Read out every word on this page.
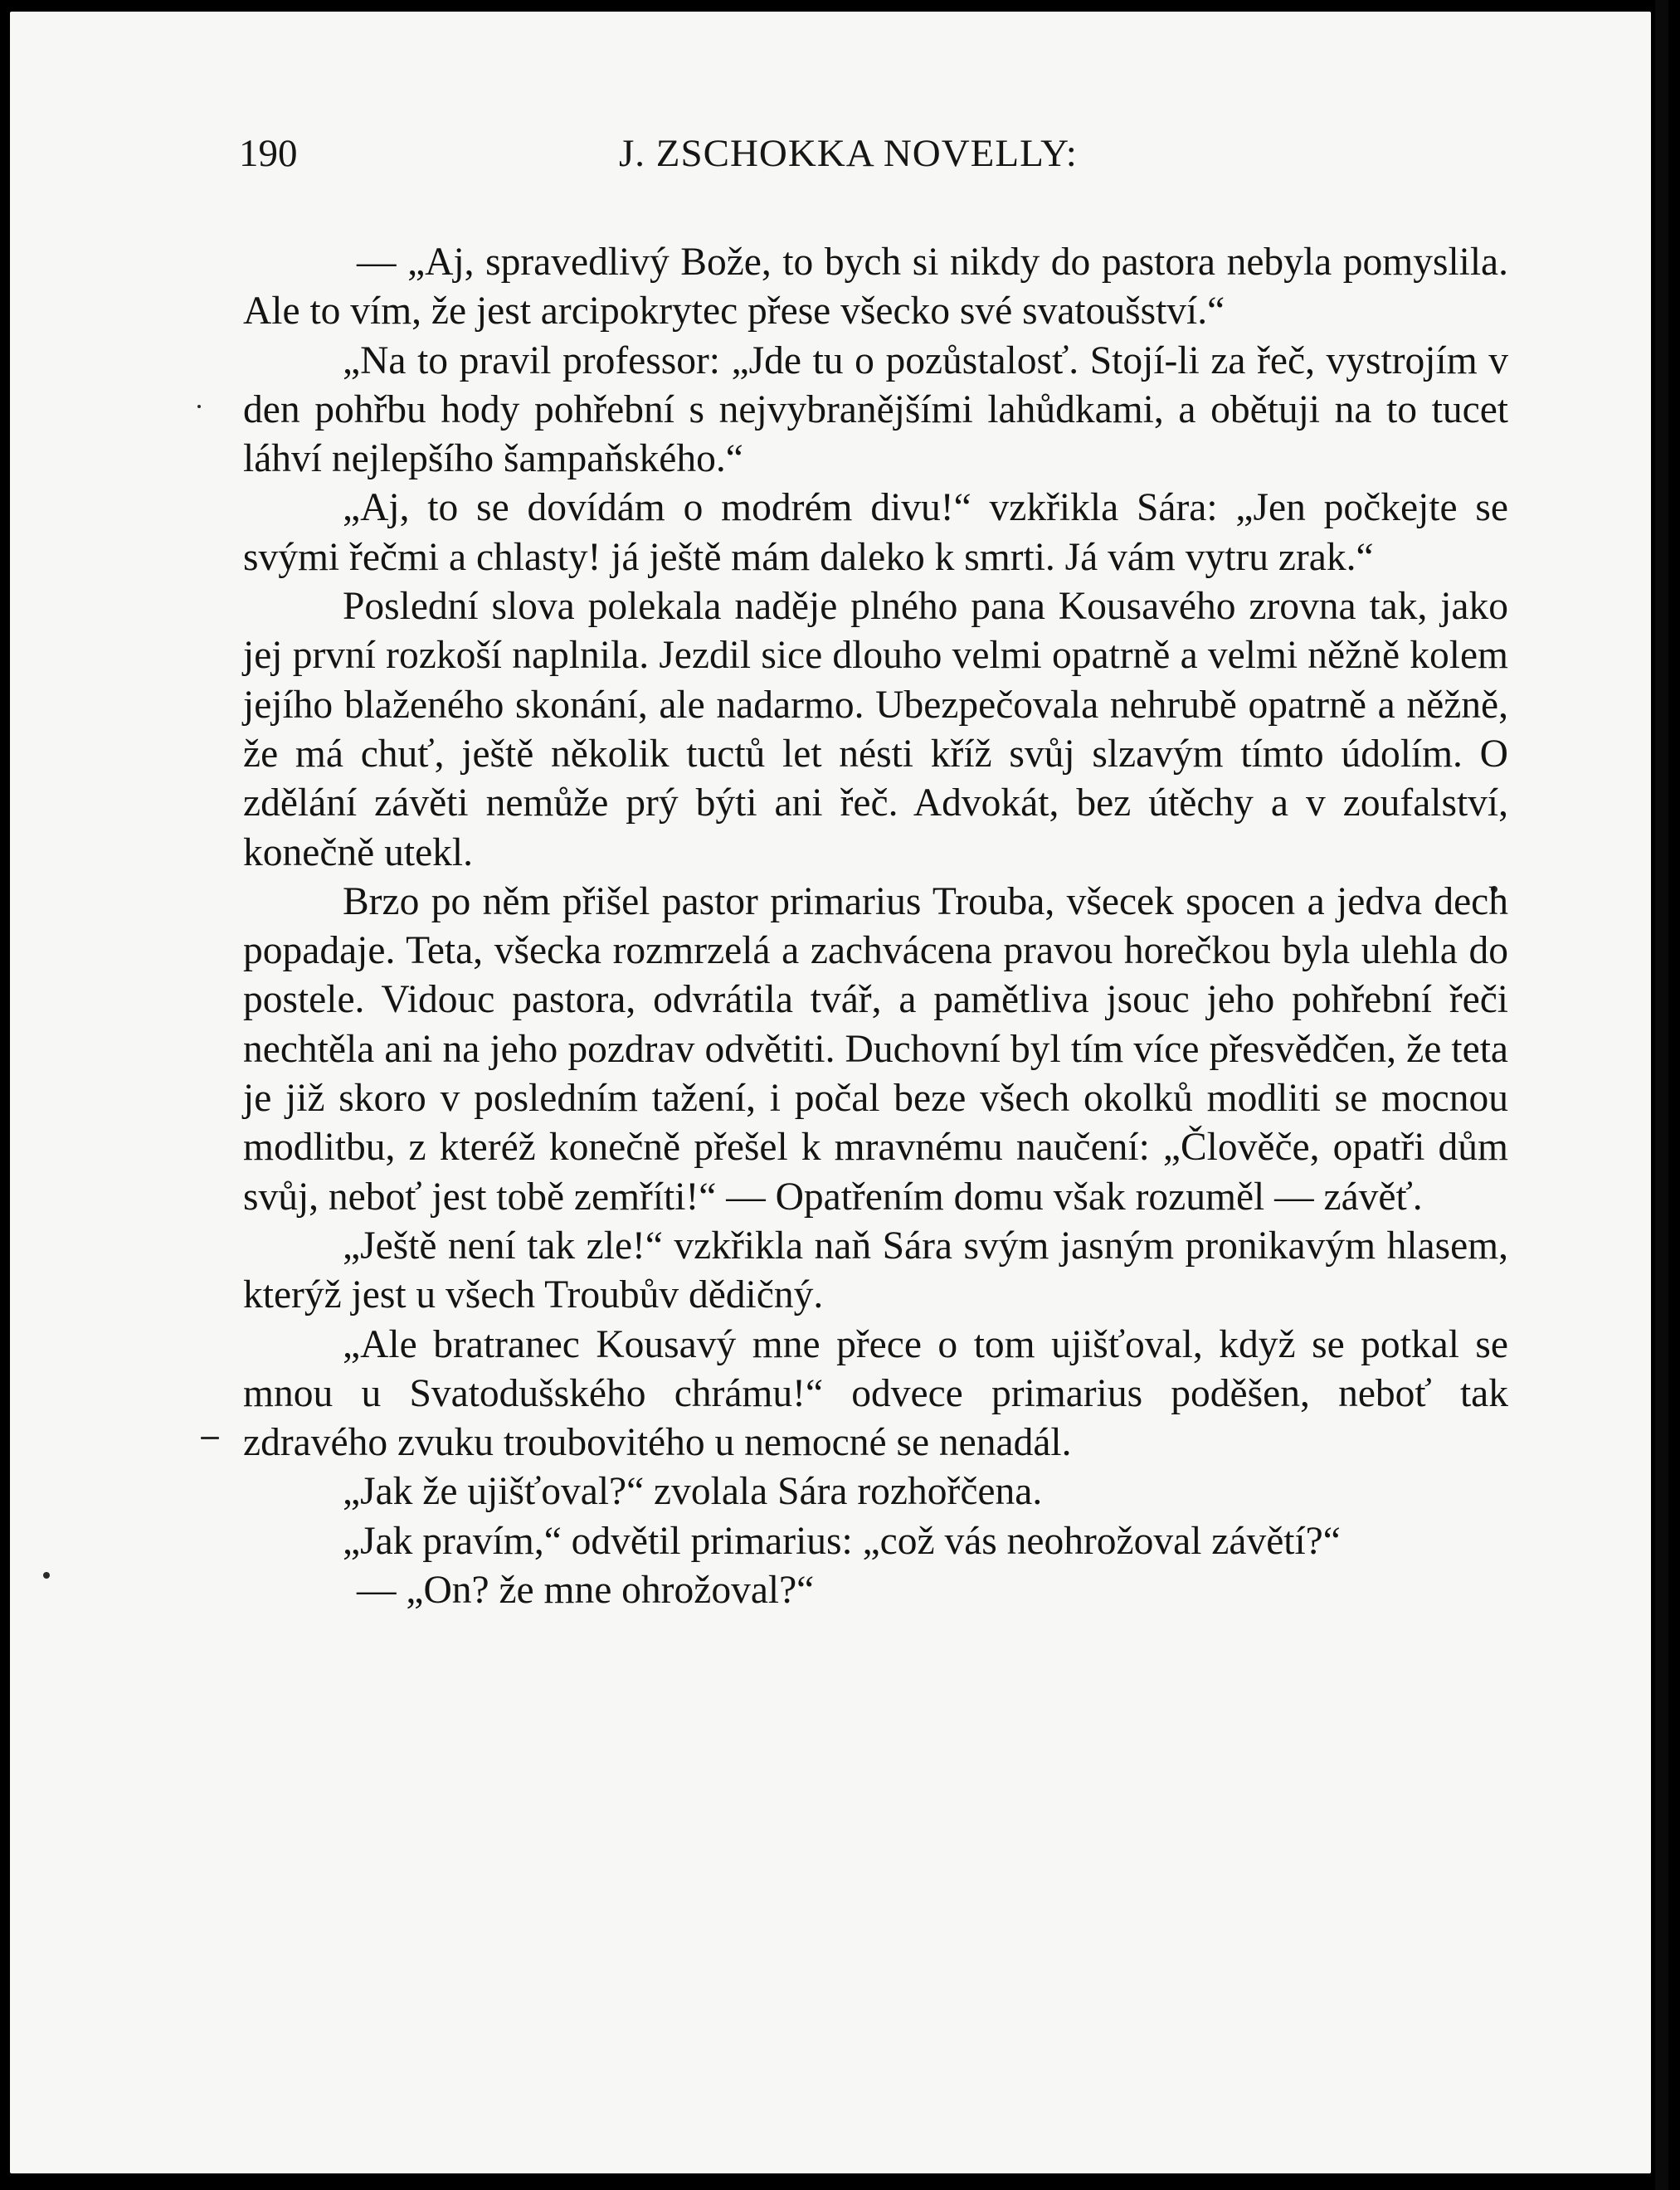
190	J. ZSCHOKKA NOVELLY:

— „Aj, spravedlivý Bože, to bych si nikdy do pastora nebyla pomyslila. Ale to vím, že jest arcipokrytec přese všecko své svatoušství.“

„Na to pravil professor: „Jde tu o pozůstalosť. Stojí-li za řeč, vystrojím v den pohřbu hody pohřební s nejvybranějšími lahůdkami, a obětuji na to tucet láhví nejlepšího šampaňského.“

„Aj, to se dovídám o modrém divu!“ vzkřikla Sára: „Jen počkejte se svými řečmi a chlasty! já ještě mám daleko k smrti. Já vám vytru zrak.“

Poslední slova polekala naděje plného pana Kousavého zrovna tak, jako jej první rozkoší naplnila. Jezdil sice dlouho velmi opatrně a velmi něžně kolem jejího blaženého skonání, ale nadarmo. Ubezpečovala nehrubě opatrně a něžně, že má chuť, ještě několik tuctů let nésti kříž svůj slzavým tímto údolím. O zdělání závěti nemůže prý býti ani řeč. Advokát, bez útěchy a v zoufalství, konečně utekl.

Brzo po něm přišel pastor primarius Trouba, všecek spocen a jedva dech popadaje. Teta, všecka rozmrzelá a zachvácena pravou horečkou byla ulehla do postele. Vidouc pastora, odvrátila tvář, a pamětliva jsouc jeho pohřební řeči nechtěla ani na jeho pozdrav odvětiti. Duchovní byl tím více přesvědčen, že teta je již skoro v posledním tažení, i počal beze všech okolků modliti se mocnou modlitbu, z kteréž konečně přešel k mravnému naučení: „Člověče, opatři dům svůj, neboť jest tobě zemříti!“ — Opatřením domu však rozuměl — závěť.

„Ještě není tak zle!“ vzkřikla naň Sára svým jasným pronikavým hlasem, kterýž jest u všech Troubův dědičný.

„Ale bratranec Kousavý mne přece o tom ujišťoval, když se potkal se mnou u Svatodušského chrámu!“ odvece primarius poděšen, neboť tak zdravého zvuku troubovitého u nemocné se nenadál.

„Jak že ujišťoval?“ zvolala Sára rozhořčena.

„Jak pravím,“ odvětil primarius: „což vás neohrožoval závětí?“

— „On? že mne ohrožoval?“
